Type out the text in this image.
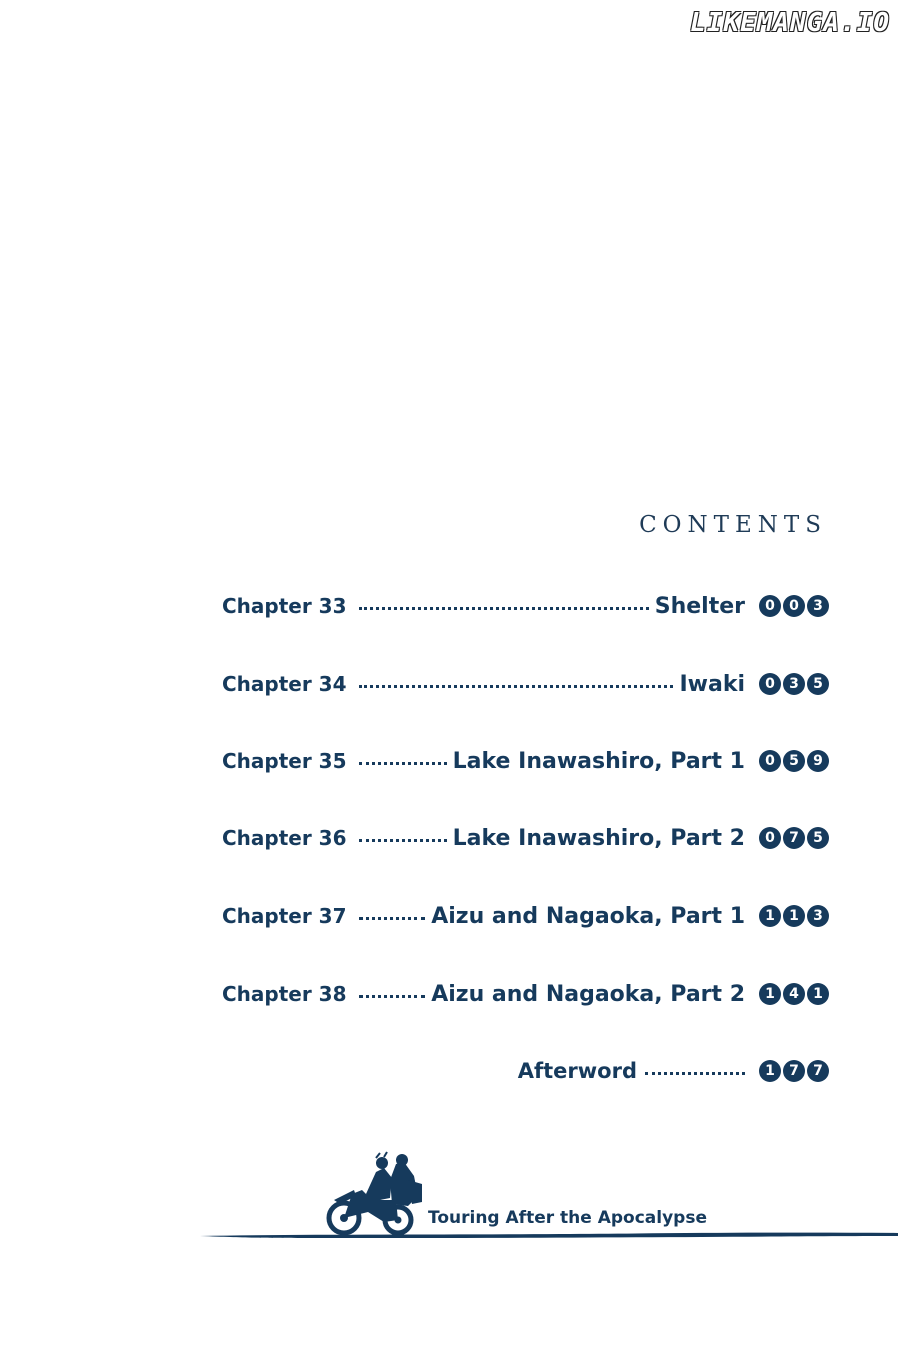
LIKEMANGA.IO
CONTENTS
Chapter 33	Shelter	0	0	3
Chapter 34	Iwaki	0	3	5
Chapter 35	Lake Inawashiro, Part 1	0	5	9
Chapter 36	Lake Inawashiro, Part 2	0	7	5
Chapter 37	Aizu and Nagaoka, Part 1	1	1	3
Chapter 38	Aizu and Nagaoka, Part 2	1	4	1
Afterword	1	7	7
Touring After the Apocalypse
